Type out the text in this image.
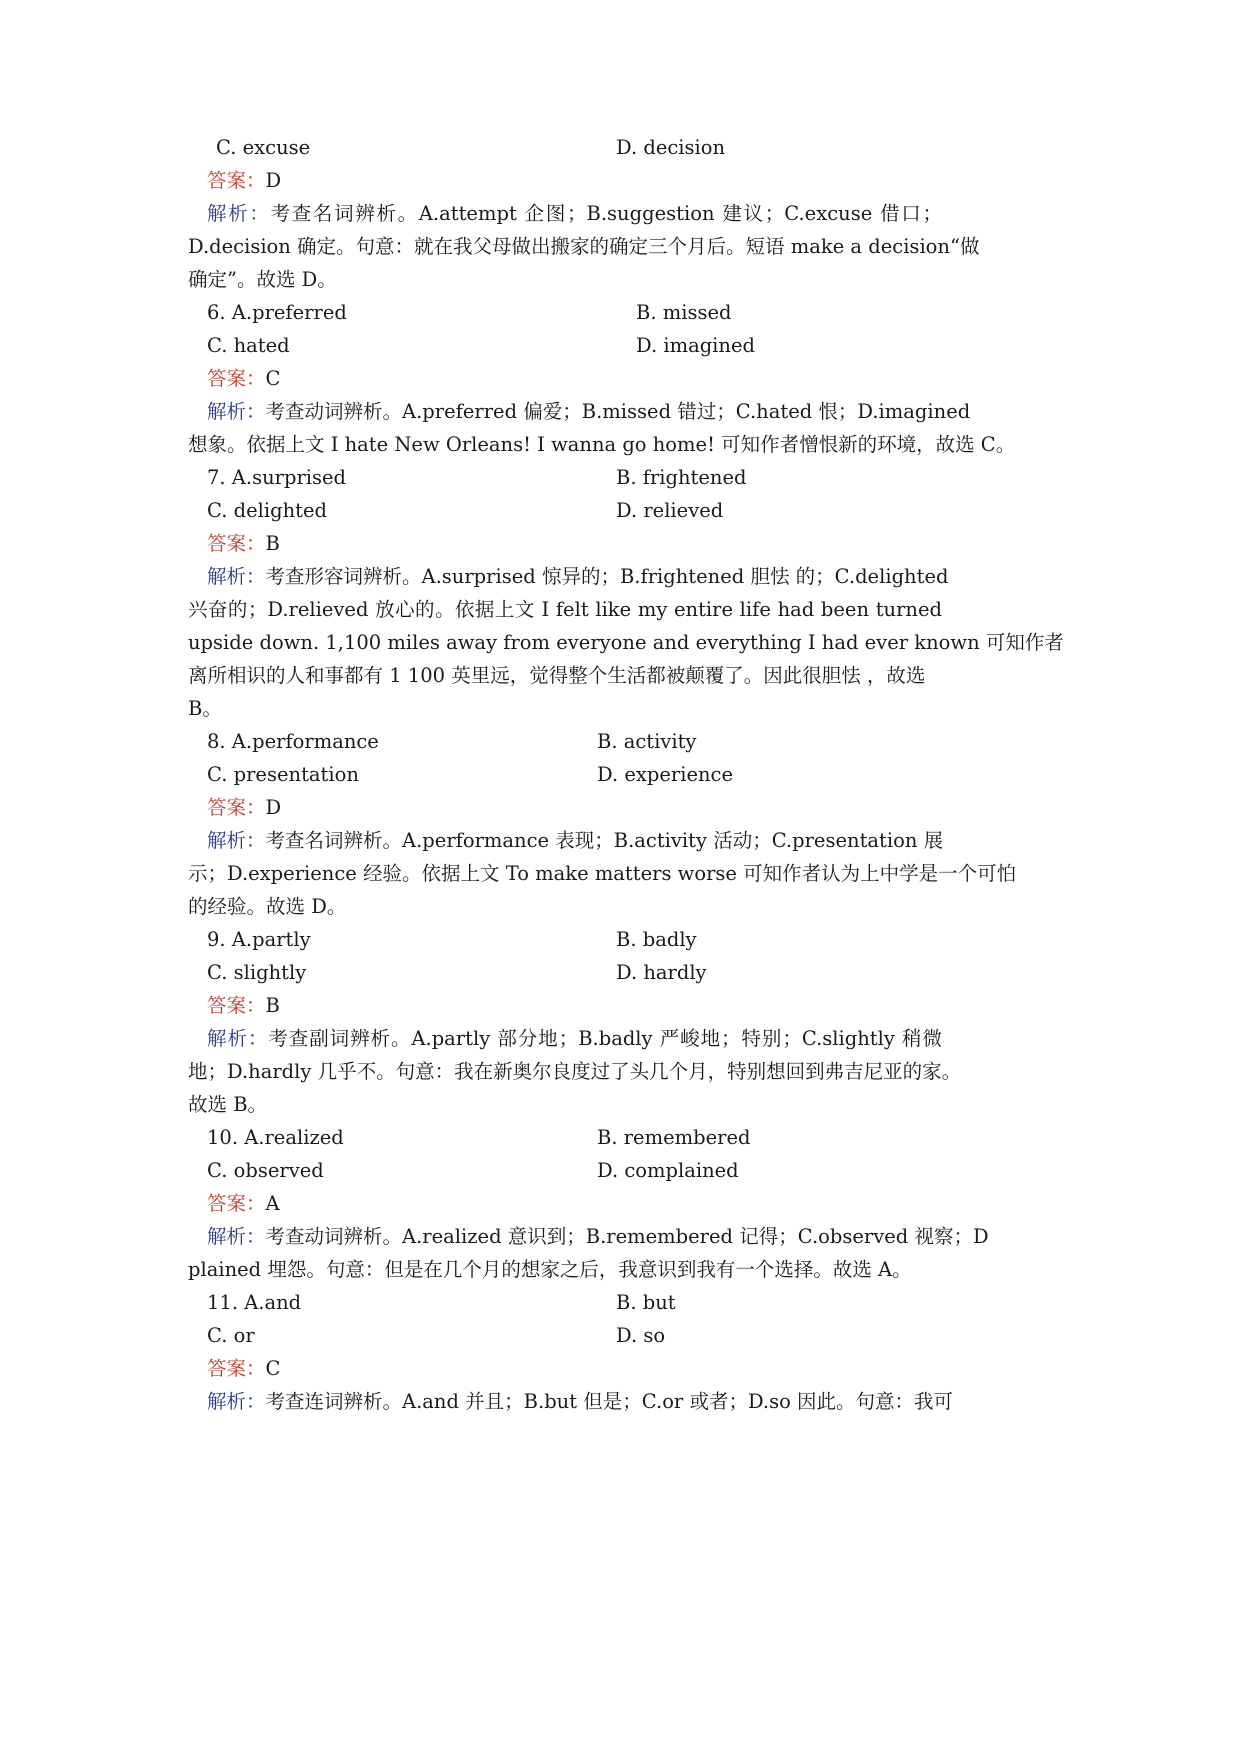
C. excuse	D. decision
答案：D
解析：考查名词辨析。A.attempt 企图；B.suggestion 建议；C.excuse 借口；
D.decision 确定。句意：就在我父母做出搬家的确定三个月后。短语 make a decision“做
确定”。故选 D。
6. A.preferred	B. missed
C. hated	D. imagined
答案：C
解析：考查动词辨析。A.preferred 偏爱；B.missed 错过；C.hated 恨；D.imagined
想象。依据上文 I hate New Orleans! I wanna go home! 可知作者憎恨新的环境，故选 C。
7. A.surprised	B. frightened
C. delighted	D. relieved
答案：B
解析：考查形容词辨析。A.surprised 惊异的；B.frightened 胆怯 的；C.delighted
兴奋的；D.relieved 放心的。依据上文 I felt like my entire life had been turned
upside down. 1,100 miles away from everyone and everything I had ever known 可知作者
离所相识的人和事都有 1 100 英里远，觉得整个生活都被颠覆了。因此很胆怯 ，故选
B。
8. A.performance	B. activity
C. presentation	D. experience
答案：D
解析：考查名词辨析。A.performance 表现；B.activity 活动；C.presentation 展
示；D.experience 经验。依据上文 To make matters worse 可知作者认为上中学是一个可怕
的经验。故选 D。
9. A.partly	B. badly
C. slightly	D. hardly
答案：B
解析：考查副词辨析。A.partly 部分地；B.badly 严峻地；特别；C.slightly 稍微
地；D.hardly 几乎不。句意：我在新奥尔良度过了头几个月，特别想回到弗吉尼亚的家。
故选 B。
10. A.realized	B. remembered
C. observed	D. complained
答案：A
解析：考查动词辨析。A.realized 意识到；B.remembered 记得；C.observed 视察；D
plained 埋怨。句意：但是在几个月的想家之后，我意识到我有一个选择。故选 A。
11. A.and	B. but
C. or	D. so
答案：C
解析：考查连词辨析。A.and 并且；B.but 但是；C.or 或者；D.so 因此。句意：我可
